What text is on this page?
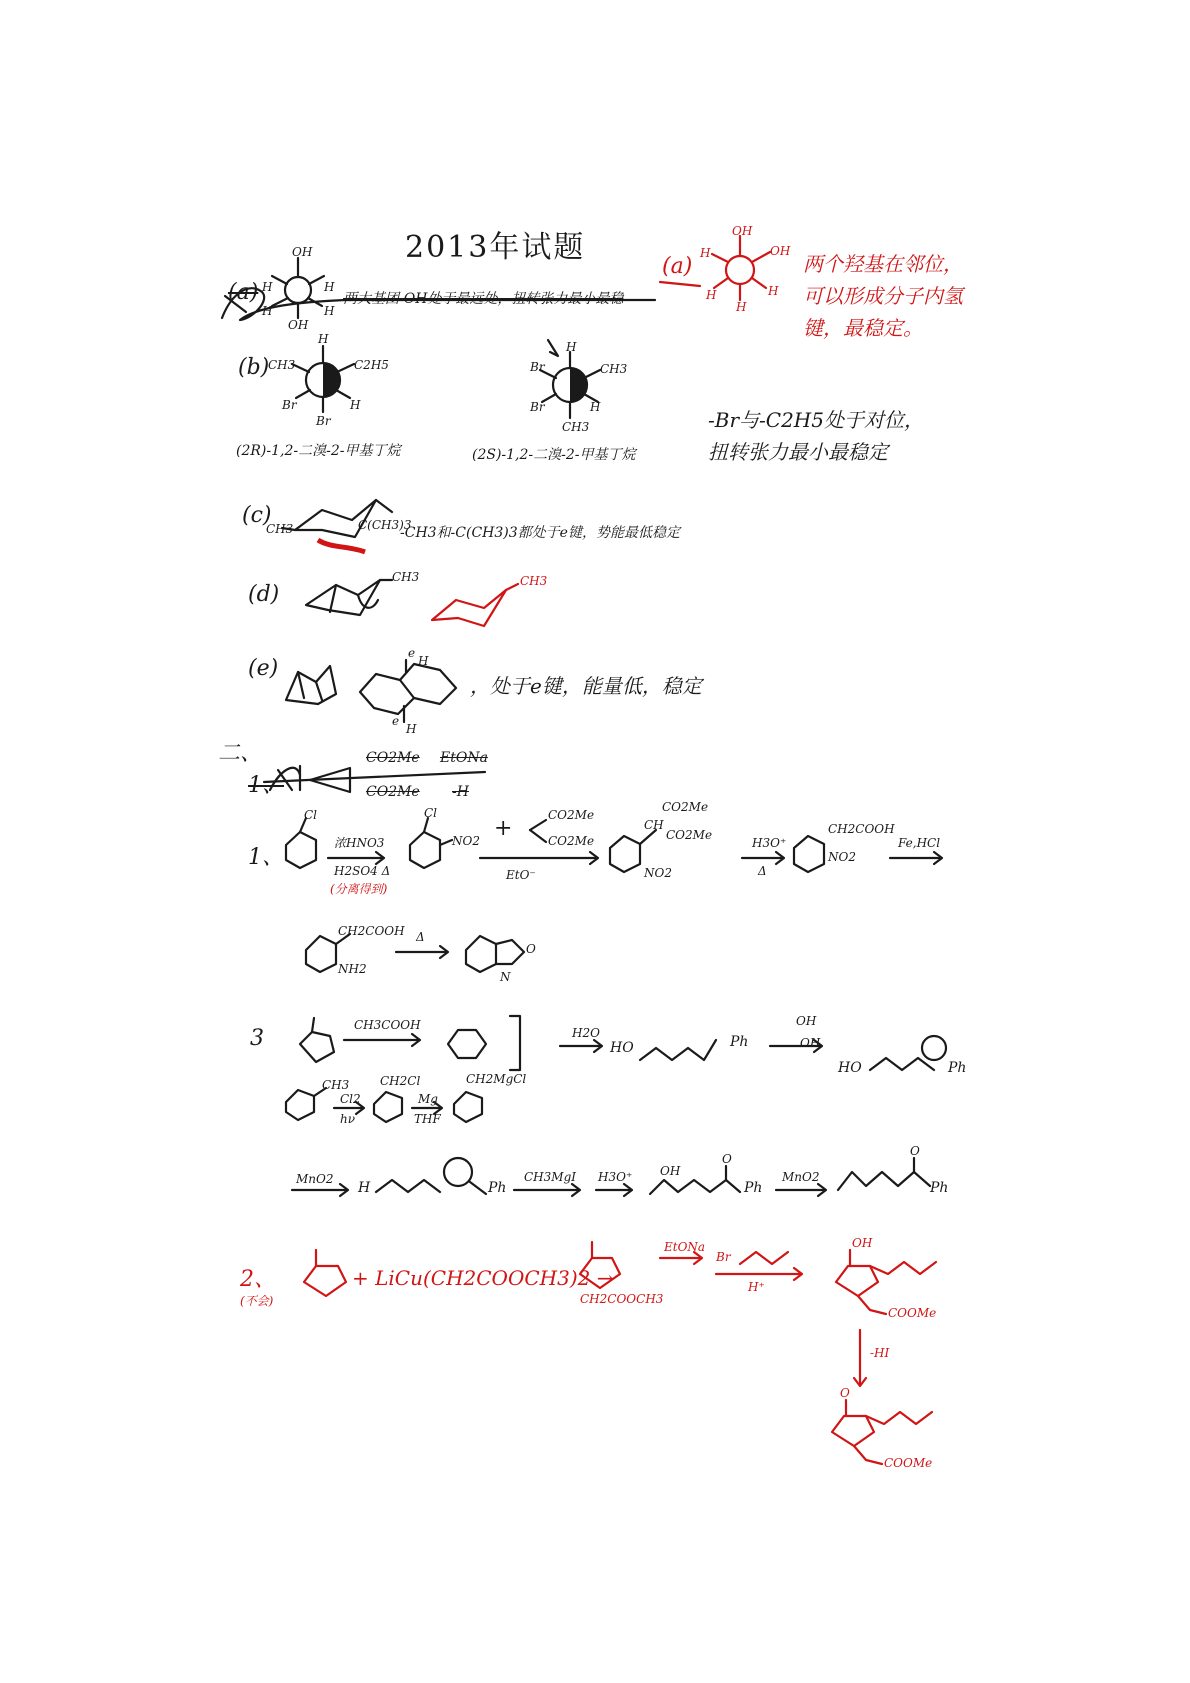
2013年试题
(a)
OH
H	H
H	H
OH
两大基团-OH处于最远处，扭转张力最小最稳
(a)
OH
OH
H
H
H
H
两个羟基在邻位，
可以形成分子内氢
键，最稳定。
(b)
H
CH3	C2H5
Br	H
Br
(2R)-1,2-二溴-2-甲基丁烷
Br	CH3
Br	H
H
CH3
(2S)-1,2-二溴-2-甲基丁烷
-Br与-C2H5处于对位，
扭转张力最小最稳定
(c)
CH3	C(CH3)3
-CH3和-C(CH3)3都处于e键，势能最低稳定
(d)
CH3	CH3
(e)
e
H
e
H
，处于e键，能量低，稳定
二、
1、
CO2Me
CO2Me
EtONa
-H
1、
Cl
浓HNO3
H2SO4 Δ
(分离得到)
Cl
NO2 +
CO2Me
CO2Me
EtO⁻
CH
CO2Me
CO2Me
NO2
H3O⁺
Δ
CH2COOH
NO2
Fe,HCl
CH2COOH
NH2
Δ
O
N
3
CH3COOH
H2O
HO	Ph
OH
OH
HO	Ph
CH3
Cl2
hν
CH2Cl
Mg
THF
CH2MgCl
MnO2
H	Ph
CH3MgI H3O⁺ OH
O
Ph
MnO2
O
Ph
2、
(不会)
+ LiCu(CH2COOCH3)2 →
CH2COOCH3
EtONa
Br
H⁺
OH
COOMe
-HI
O
COOMe
